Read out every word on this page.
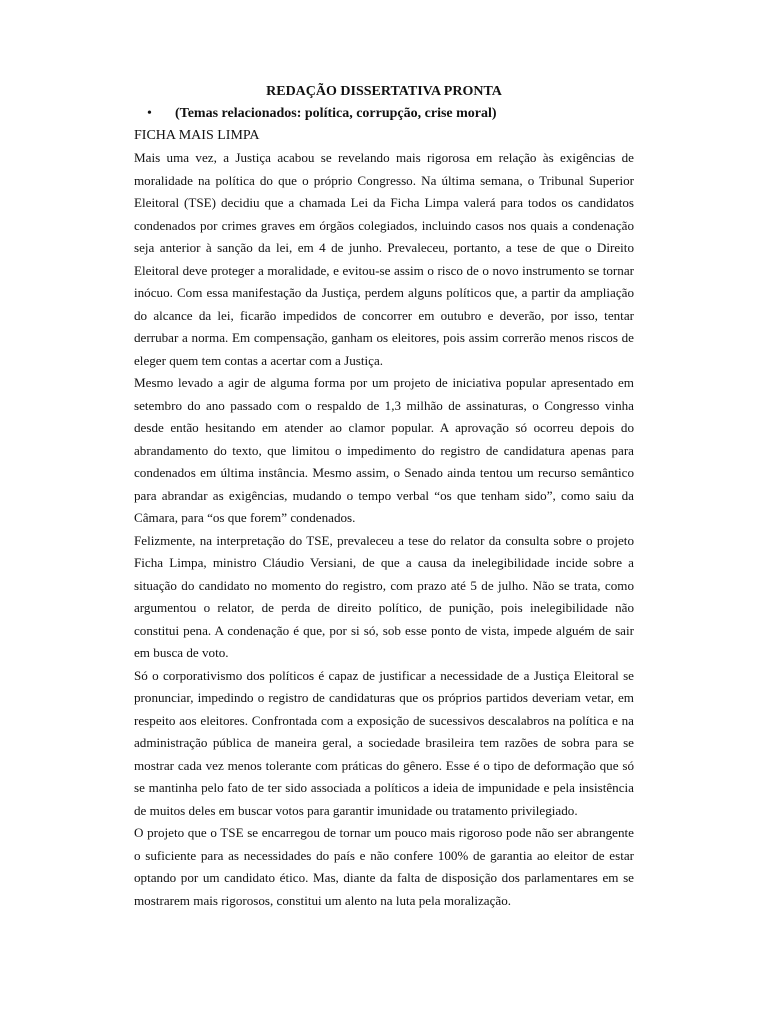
REDAÇÃO DISSERTATIVA PRONTA
• (Temas relacionados: política, corrupção, crise moral)
FICHA MAIS LIMPA

Mais uma vez, a Justiça acabou se revelando mais rigorosa em relação às exigências de moralidade na política do que o próprio Congresso. Na última semana, o Tribunal Superior Eleitoral (TSE) decidiu que a chamada Lei da Ficha Limpa valerá para todos os candidatos condenados por crimes graves em órgãos colegiados, incluindo casos nos quais a condenação seja anterior à sanção da lei, em 4 de junho. Prevaleceu, portanto, a tese de que o Direito Eleitoral deve proteger a moralidade, e evitou-se assim o risco de o novo instrumento se tornar inócuo. Com essa manifestação da Justiça, perdem alguns políticos que, a partir da ampliação do alcance da lei, ficarão impedidos de concorrer em outubro e deverão, por isso, tentar derrubar a norma. Em compensação, ganham os eleitores, pois assim correrão menos riscos de eleger quem tem contas a acertar com a Justiça.

Mesmo levado a agir de alguma forma por um projeto de iniciativa popular apresentado em setembro do ano passado com o respaldo de 1,3 milhão de assinaturas, o Congresso vinha desde então hesitando em atender ao clamor popular. A aprovação só ocorreu depois do abrandamento do texto, que limitou o impedimento do registro de candidatura apenas para condenados em última instância. Mesmo assim, o Senado ainda tentou um recurso semântico para abrandar as exigências, mudando o tempo verbal “os que tenham sido”, como saiu da Câmara, para “os que forem” condenados.

Felizmente, na interpretação do TSE, prevaleceu a tese do relator da consulta sobre o projeto Ficha Limpa, ministro Cláudio Versiani, de que a causa da inelegibilidade incide sobre a situação do candidato no momento do registro, com prazo até 5 de julho. Não se trata, como argumentou o relator, de perda de direito político, de punição, pois inelegibilidade não constitui pena. A condenação é que, por si só, sob esse ponto de vista, impede alguém de sair em busca de voto.

Só o corporativismo dos políticos é capaz de justificar a necessidade de a Justiça Eleitoral se pronunciar, impedindo o registro de candidaturas que os próprios partidos deveriam vetar, em respeito aos eleitores. Confrontada com a exposição de sucessivos descalabros na política e na administração pública de maneira geral, a sociedade brasileira tem razões de sobra para se mostrar cada vez menos tolerante com práticas do gênero. Esse é o tipo de deformação que só se mantinha pelo fato de ter sido associada a políticos a ideia de impunidade e pela insistência de muitos deles em buscar votos para garantir imunidade ou tratamento privilegiado.

O projeto que o TSE se encarregou de tornar um pouco mais rigoroso pode não ser abrangente o suficiente para as necessidades do país e não confere 100% de garantia ao eleitor de estar optando por um candidato ético. Mas, diante da falta de disposição dos parlamentares em se mostrarem mais rigorosos, constitui um alento na luta pela moralização.
